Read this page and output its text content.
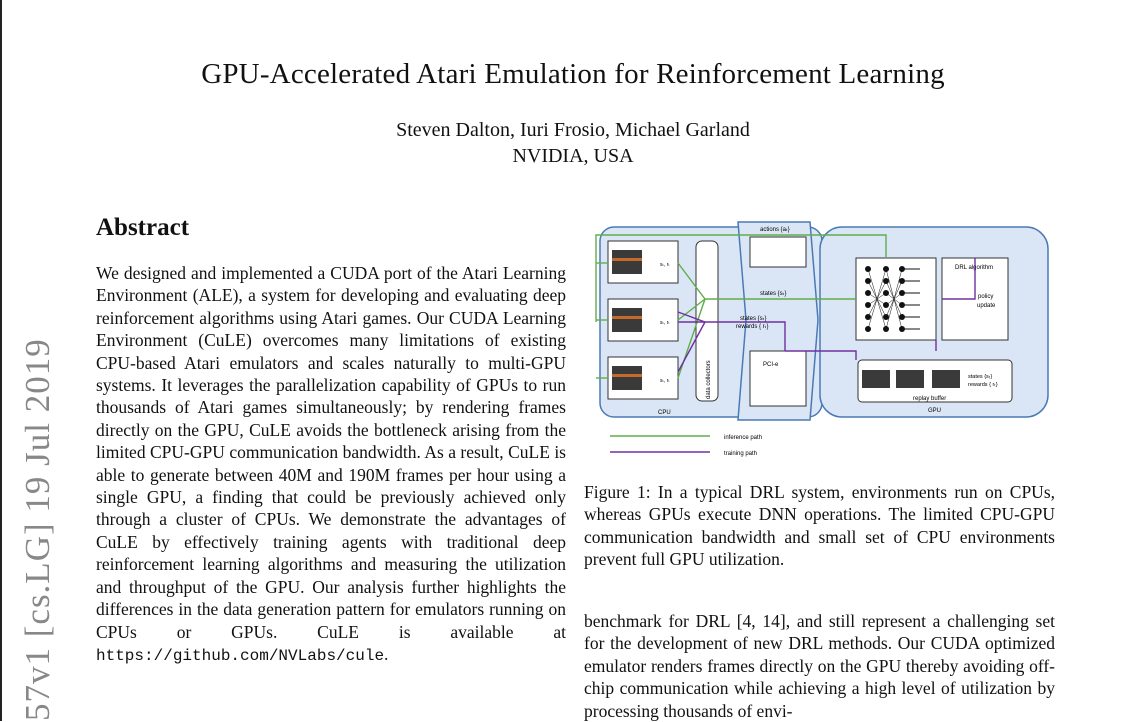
57v1 [cs.LG] 19 Jul 2019
GPU-Accelerated Atari Emulation for Reinforcement Learning
Steven Dalton, Iuri Frosio, Michael Garland
NVIDIA, USA
Abstract
We designed and implemented a CUDA port of the Atari Learning Environment (ALE), a system for developing and evaluating deep reinforcement algorithms using Atari games. Our CUDA Learning Environment (CuLE) overcomes many limitations of existing CPU-based Atari emulators and scales naturally to multi-GPU systems. It leverages the parallelization capability of GPUs to run thousands of Atari games simultaneously; by rendering frames directly on the GPU, CuLE avoids the bottleneck arising from the limited CPU-GPU communication bandwidth. As a result, CuLE is able to generate between 40M and 190M frames per hour using a single GPU, a finding that could be previously achieved only through a cluster of CPUs. We demonstrate the advantages of CuLE by effectively training agents with traditional deep reinforcement learning algorithms and measuring the utilization and throughput of the GPU. Our analysis further highlights the differences in the data generation pattern for emulators running on CPUs or GPUs. CuLE is available at https://github.com/NVLabs/cule.
actions {aₜ}
PCI-e
states {sₜ}
states {sₜ}
rewards { rₜ}
sₜ, rₜ
sₜ, rₜ
sₜ, rₜ
CPU
data collectors
DRL algorithm
policy
update
states {sₜ}
rewards { rₜ}
replay buffer
GPU
inference path
training path
Figure 1: In a typical DRL system, environments run on CPUs, whereas GPUs execute DNN operations. The limited CPU-GPU communication bandwidth and small set of CPU environments prevent full GPU utilization.
benchmark for DRL [4, 14], and still represent a challenging set for the development of new DRL methods. Our CUDA optimized emulator renders frames directly on the GPU thereby avoiding off-chip communication while achieving a high level of utilization by processing thousands of envi-
